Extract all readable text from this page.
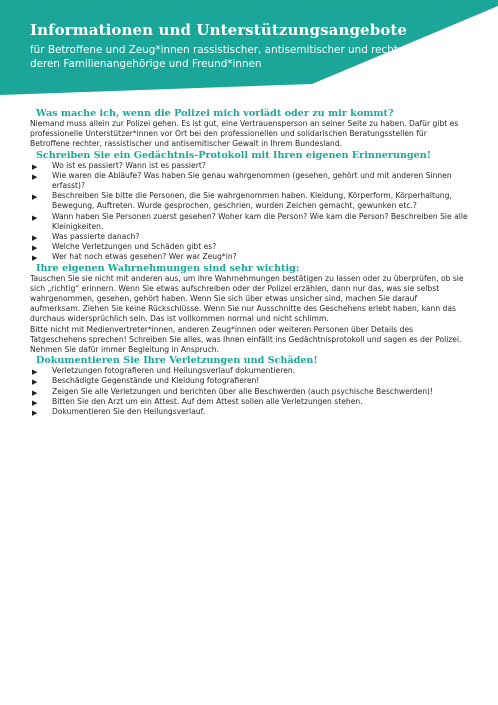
Informationen und Unterstützungsangebote

für Betroffene und Zeug*innen rassistischer, antisemitischer und rechter Gewalt, deren Familienangehörige und Freund*innen

Was mache ich, wenn die Polizei mich vorlädt oder zu mir kommt?

Niemand muss allein zur Polizei gehen. Es ist gut, eine Vertrauensperson an seiner Seite zu haben. Dafür gibt es professionelle Unterstützer*innen vor Ort bei den professionellen und solidarischen Beratungsstellen für Betroffene rechter, rassistischer und antisemitischer Gewalt in Ihrem Bundesland.

Schreiben Sie ein Gedächtnis-Protokoll mit Ihren eigenen Erinnerungen!
▶ Wo ist es passiert? Wann ist es passiert?
▶ Wie waren die Abläufe? Was haben Sie genau wahrgenommen (gesehen, gehört und mit anderen Sinnen erfasst)?
▶ Beschreiben Sie bitte die Personen, die Sie wahrgenommen haben. Kleidung, Körperform, Körperhaltung, Bewegung, Auftreten. Wurde gesprochen, geschrien, wurden Zeichen gemacht, gewunken etc.?
▶ Wann haben Sie Personen zuerst gesehen? Woher kam die Person? Wie kam die Person? Beschreiben Sie alle Kleinigkeiten.
▶ Was passierte danach?
▶ Welche Verletzungen und Schäden gibt es?
▶ Wer hat noch etwas gesehen? Wer war Zeug*in?
Ihre eigenen Wahrnehmungen sind sehr wichtig:

Tauschen Sie sie nicht mit anderen aus, um ihre Wahrnehmungen bestätigen zu lassen oder zu überprüfen, ob sie sich „richtig“ erinnern. Wenn Sie etwas aufschreiben oder der Polizei erzählen, dann nur das, was sie selbst wahrgenommen, gesehen, gehört haben. Wenn Sie sich über etwas unsicher sind, machen Sie darauf aufmerksam. Ziehen Sie keine Rückschlüsse. Wenn Sie nur Ausschnitte des Geschehens erlebt haben, kann das durchaus widersprüchlich sein. Das ist vollkommen normal und nicht schlimm.

Bitte nicht mit Medienvertreter*innen, anderen Zeug*innen oder weiteren Personen über Details des Tatgeschehens sprechen! Schreiben Sie alles, was Ihnen einfällt ins Gedächtnisprotokoll und sagen es der Polizei. Nehmen Sie dafür immer Begleitung in Anspruch.

Dokumentieren Sie Ihre Verletzungen und Schäden!
▶ Verletzungen fotografieren und Heilungsverlauf dokumentieren.
▶ Beschädigte Gegenstände und Kleidung fotografieren!
▶ Zeigen Sie alle Verletzungen und berichten über alle Beschwerden (auch psychische Beschwerden)!
▶ Bitten Sie den Arzt um ein Attest. Auf dem Attest sollen alle Verletzungen stehen.
▶ Dokumentieren Sie den Heilungsverlauf.
